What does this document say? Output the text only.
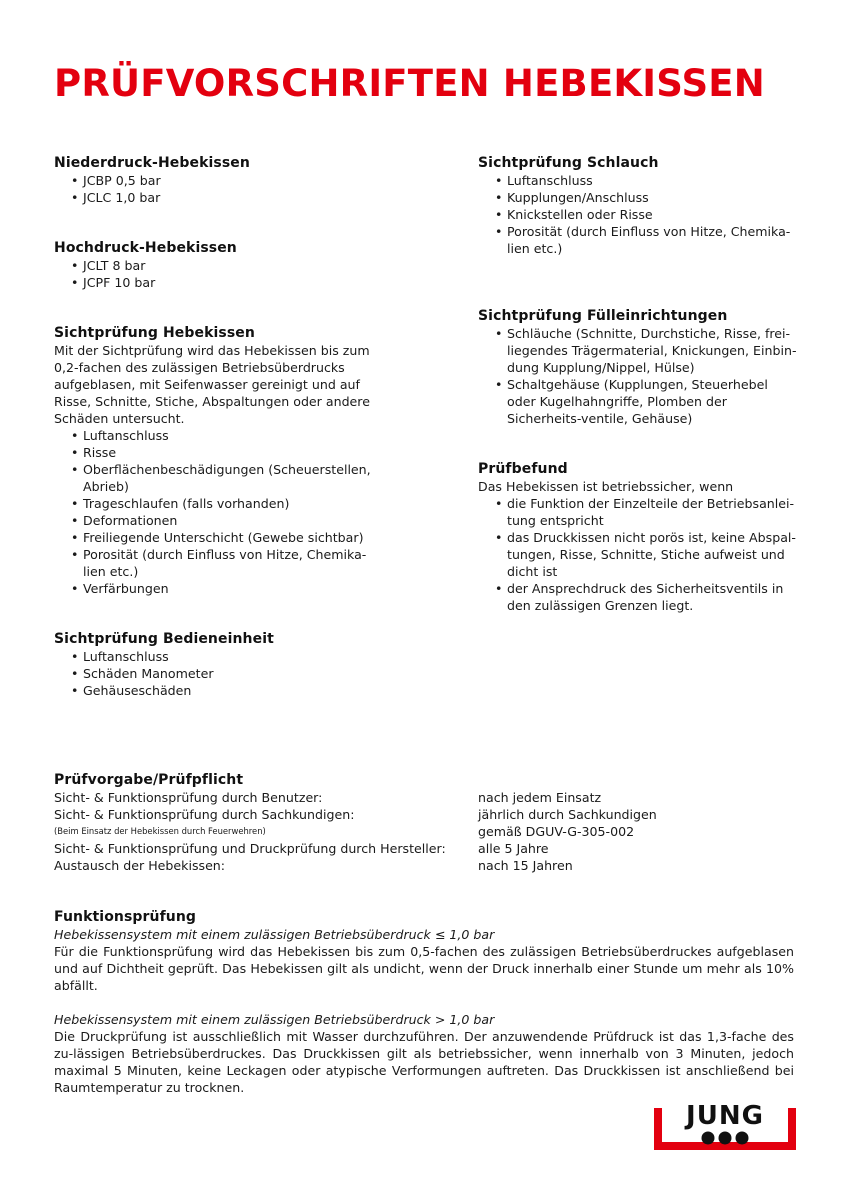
PRÜFVORSCHRIFTEN HEBEKISSEN
Niederdruck-Hebekissen
• JCBP 0,5 bar
• JCLC 1,0 bar
Hochdruck-Hebekissen
• JCLT 8 bar
• JCPF 10 bar
Sichtprüfung Hebekissen

Mit der Sichtprüfung wird das Hebekissen bis zum 0,2-fachen des zulässigen Betriebsüberdrucks aufgeblasen, mit Seifenwasser gereinigt und auf Risse, Schnitte, Stiche, Abspaltungen oder andere Schäden untersucht.

• Luftanschluss
• Risse
• Oberflächenbeschädigungen (Scheuerstellen, Abrieb)
• Trageschlaufen (falls vorhanden)
• Deformationen
• Freiliegende Unterschicht (Gewebe sichtbar)
• Porosität (durch Einfluss von Hitze, Chemika-lien etc.)
• Verfärbungen
Sichtprüfung Bedieneinheit
• Luftanschluss
• Schäden Manometer
• Gehäuseschäden
Sichtprüfung Schlauch
• Luftanschluss
• Kupplungen/Anschluss
• Knickstellen oder Risse
• Porosität (durch Einfluss von Hitze, Chemika-lien etc.)
Sichtprüfung Fülleinrichtungen
• Schläuche (Schnitte, Durchstiche, Risse, frei-liegendes Trägermaterial, Knickungen, Einbin-dung Kupplung/Nippel, Hülse)
• Schaltgehäuse (Kupplungen, Steuerhebel oder Kugelhahngriffe, Plomben der Sicherheits-ventile, Gehäuse)
Prüfbefund

Das Hebekissen ist betriebssicher, wenn

• die Funktion der Einzelteile der Betriebsanlei-tung entspricht
• das Druckkissen nicht porös ist, keine Abspal-tungen, Risse, Schnitte, Stiche aufweist und dicht ist
• der Ansprechdruck des Sicherheitsventils in den zulässigen Grenzen liegt.
Prüfvorgabe/Prüfpflicht
Sicht- & Funktionsprüfung durch Benutzer:	nach jedem Einsatz
Sicht- & Funktionsprüfung durch Sachkundigen:	jährlich durch Sachkundigen
(Beim Einsatz der Hebekissen durch Feuerwehren)	gemäß DGUV-G-305-002
Sicht- & Funktionsprüfung und Druckprüfung durch Hersteller:	alle 5 Jahre
Austausch der Hebekissen:	nach 15 Jahren
Funktionsprüfung
Hebekissensystem mit einem zulässigen Betriebsüberdruck ≤ 1,0 bar

Für die Funktionsprüfung wird das Hebekissen bis zum 0,5-fachen des zulässigen Betriebsüberdruckes aufgeblasen und auf Dichtheit geprüft. Das Hebekissen gilt als undicht, wenn der Druck innerhalb einer Stunde um mehr als 10% abfällt.

Hebekissensystem mit einem zulässigen Betriebsüberdruck > 1,0 bar

Die Druckprüfung ist ausschließlich mit Wasser durchzuführen. Der anzuwendende Prüfdruck ist das 1,3-fache des zu-lässigen Betriebsüberdruckes. Das Druckkissen gilt als betriebssicher, wenn innerhalb von 3 Minuten, jedoch maximal 5 Minuten, keine Leckagen oder atypische Verformungen auftreten. Das Druckkissen ist anschließend bei Raumtemperatur zu trocknen.

JUNG
